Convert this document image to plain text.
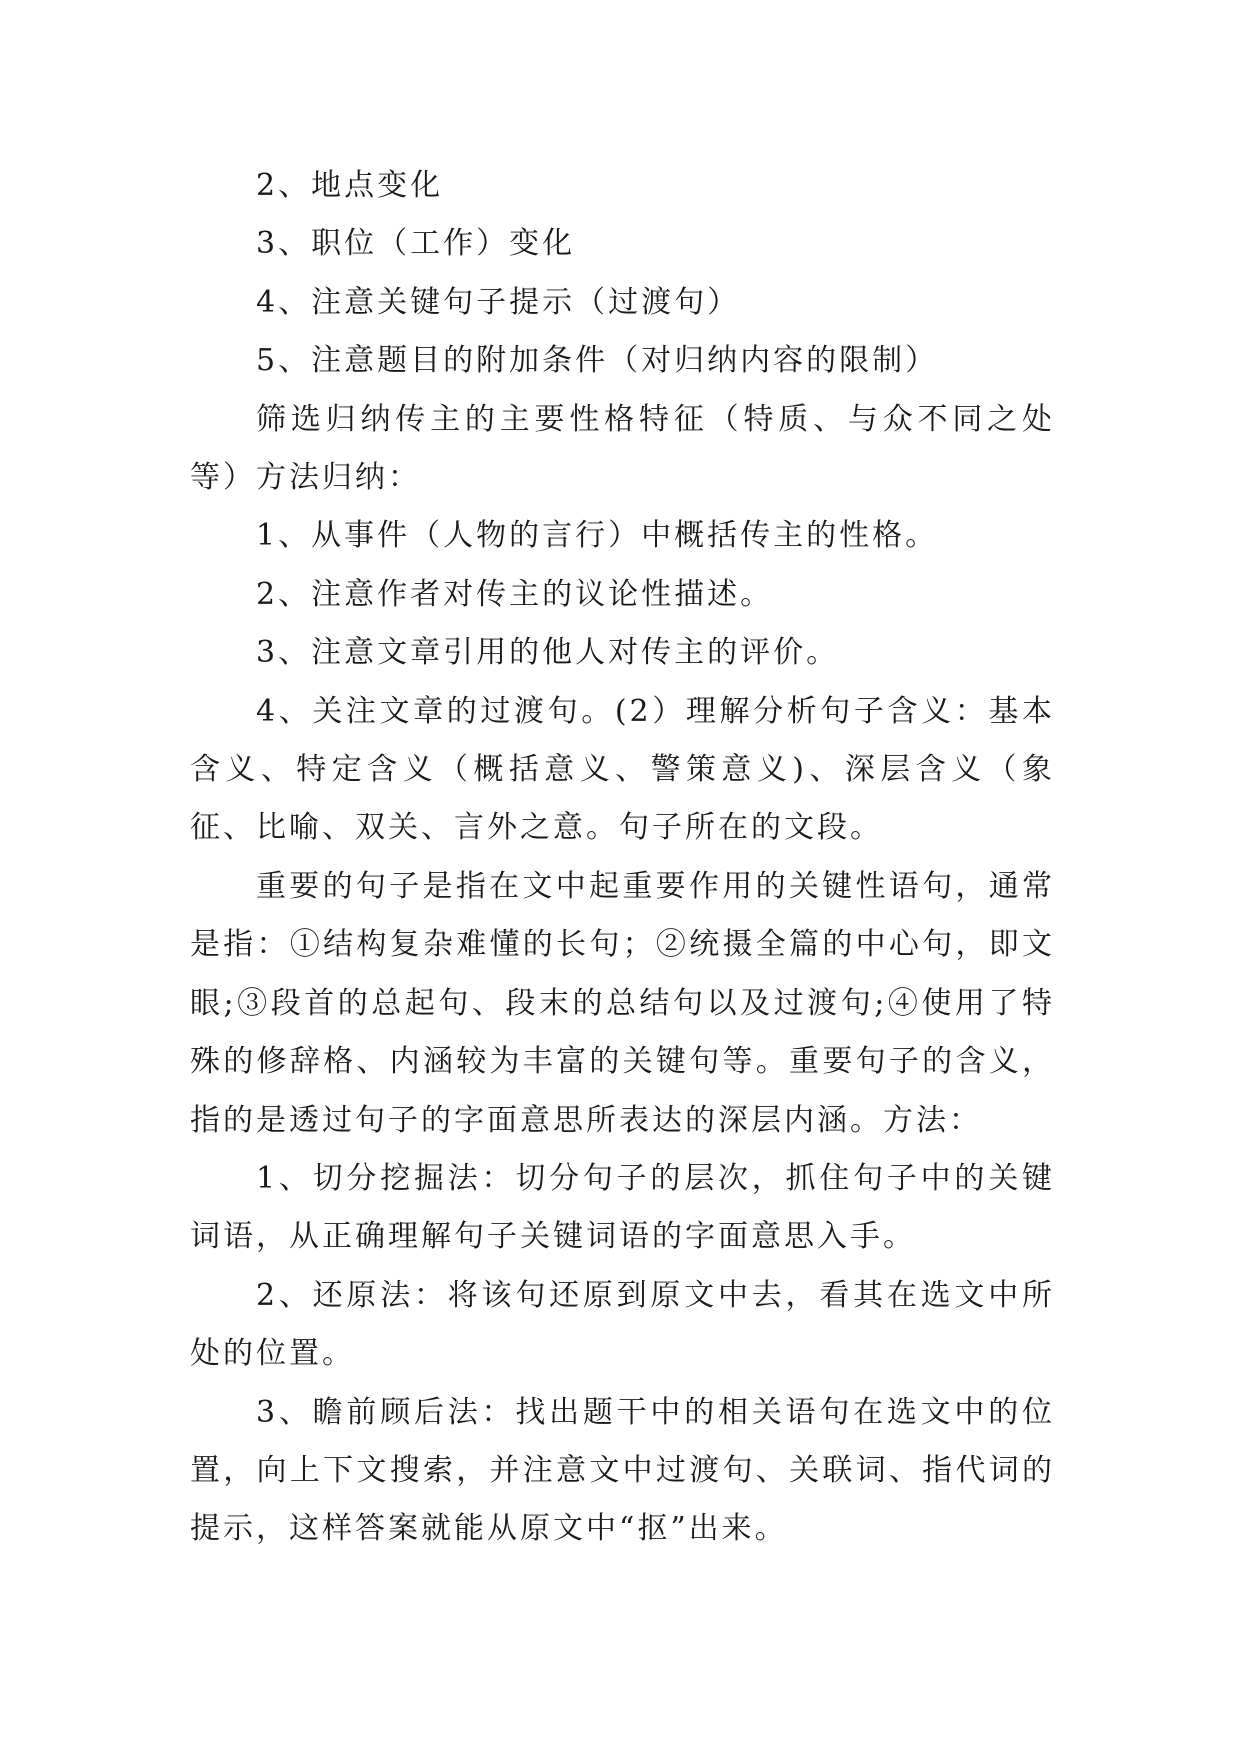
2、地点变化

3、职位（工作）变化

4、注意关键句子提示（过渡句）

5、注意题目的附加条件（对归纳内容的限制）

筛选归纳传主的主要性格特征（特质、与众不同之处等）方法归纳：

1、从事件（人物的言行）中概括传主的性格。

2、注意作者对传主的议论性描述。

3、注意文章引用的他人对传主的评价。

4、关注文章的过渡句。(2）理解分析句子含义：基本含义、特定含义（概括意义、警策意义)、深层含义（象征、比喻、双关、言外之意。句子所在的文段。

重要的句子是指在文中起重要作用的关键性语句，通常是指：①结构复杂难懂的长句；②统摄全篇的中心句，即文眼;③段首的总起句、段末的总结句以及过渡句;④使用了特殊的修辞格、内涵较为丰富的关键句等。重要句子的含义，指的是透过句子的字面意思所表达的深层内涵。方法：

1、切分挖掘法：切分句子的层次，抓住句子中的关键词语，从正确理解句子关键词语的字面意思入手。

2、还原法：将该句还原到原文中去，看其在选文中所处的位置。

3、瞻前顾后法：找出题干中的相关语句在选文中的位置，向上下文搜索，并注意文中过渡句、关联词、指代词的提示，这样答案就能从原文中“抠”出来。
